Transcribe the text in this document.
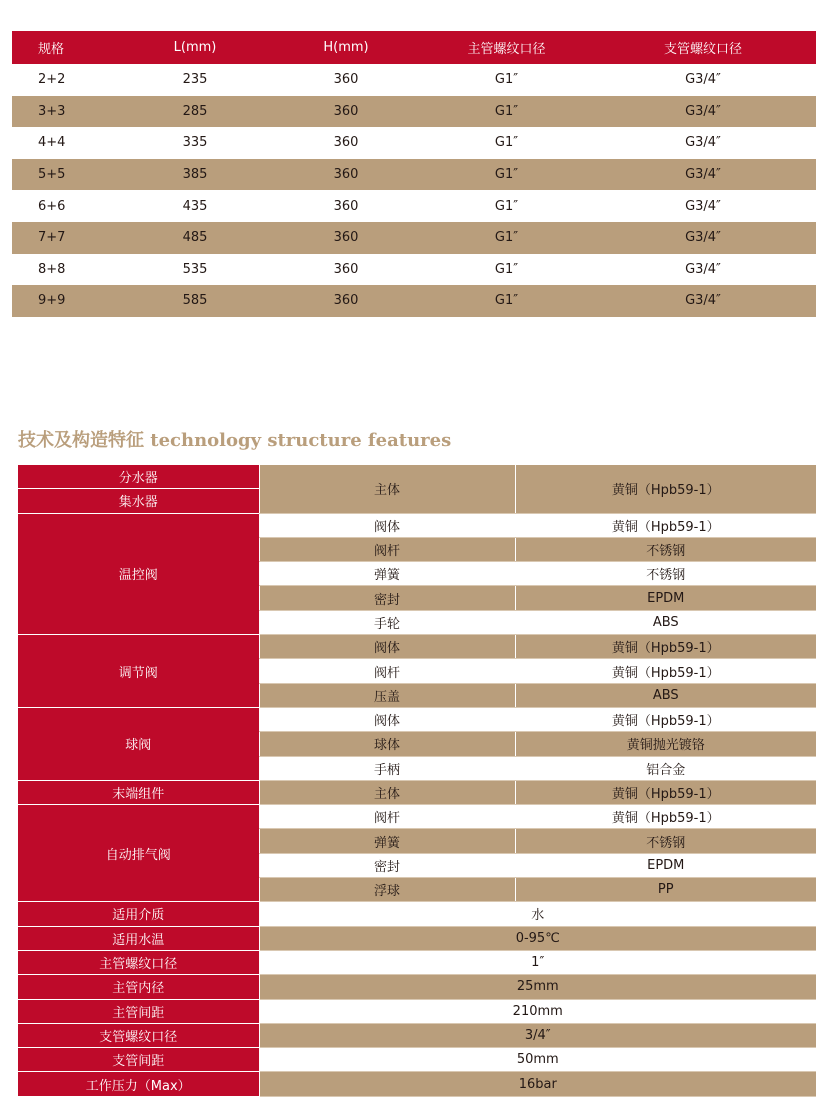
规格	L(mm)	H(mm)	主管螺纹口径	支管螺纹口径
2+2	235	360	G1″	G3/4″
3+3	285	360	G1″	G3/4″
4+4	335	360	G1″	G3/4″
5+5	385	360	G1″	G3/4″
6+6	435	360	G1″	G3/4″
7+7	485	360	G1″	G3/4″
8+8	535	360	G1″	G3/4″
9+9	585	360	G1″	G3/4″
技术及构造特征 technology structure features
分水器	主体	黄铜（Hpb59-1）
集水器		
温控阀	阀体	黄铜（Hpb59-1）
	阀杆	不锈钢
	弹簧	不锈钢
	密封	EPDM
	手轮	ABS
调节阀	阀体	黄铜（Hpb59-1）
	阀杆	黄铜（Hpb59-1）
	压盖	ABS
球阀	阀体	黄铜（Hpb59-1）
	球体	黄铜抛光镀铬
	手柄	铝合金
末端组件	主体	黄铜（Hpb59-1）
自动排气阀	阀杆	黄铜（Hpb59-1）
	弹簧	不锈钢
	密封	EPDM
	浮球	PP
适用介质	水	
适用水温	0-95℃	
主管螺纹口径	1″	
主管内径	25mm	
主管间距	210mm	
支管螺纹口径	3/4″	
支管间距	50mm	
工作压力（Max）	16bar	
